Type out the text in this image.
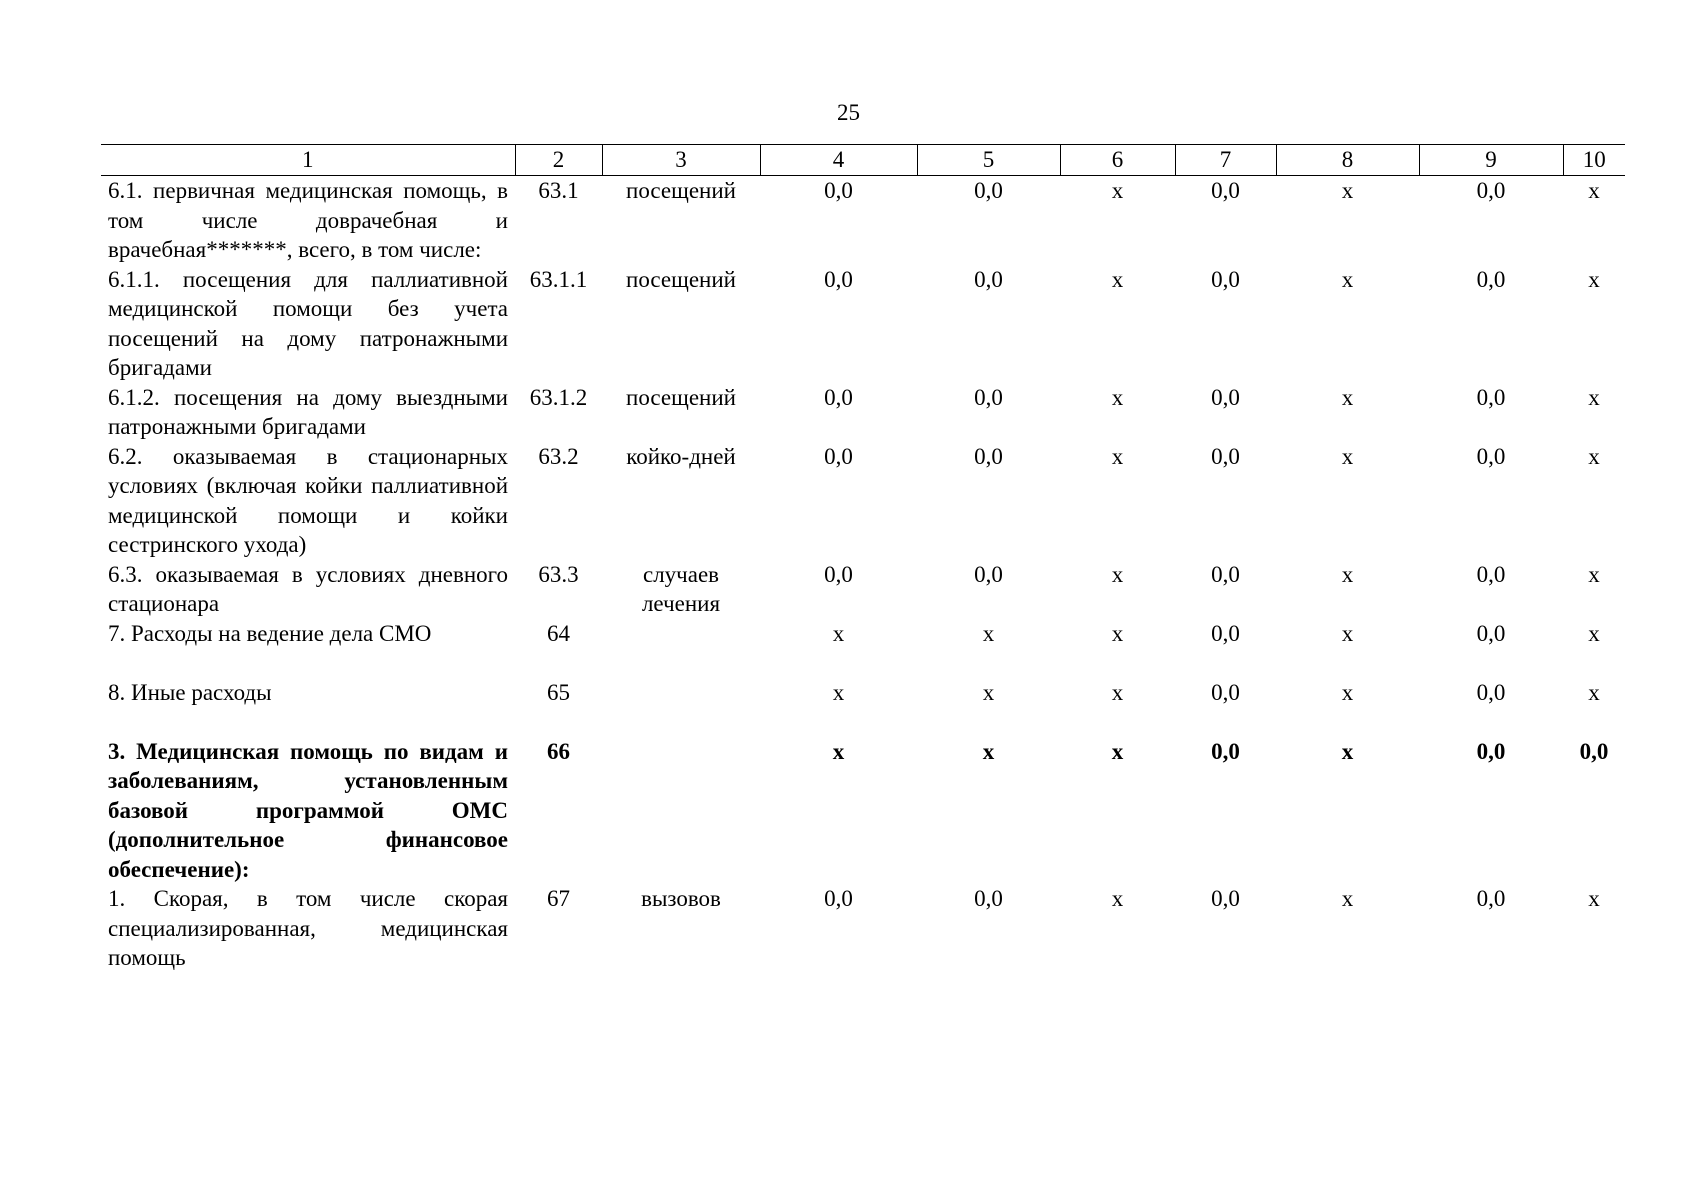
25
1	2	3	4	5	6	7	8	9	10
6.1. первичная медицинская помощь, в том числе доврачебная и врачебная*******, всего, в том числе:	63.1	посещений	0,0	0,0	x	0,0	x	0,0	x
6.1.1. посещения для паллиативной медицинской помощи без учета посещений на дому патронажными бригадами	63.1.1	посещений	0,0	0,0	x	0,0	x	0,0	x
6.1.2. посещения на дому выездными патронажными бригадами	63.1.2	посещений	0,0	0,0	x	0,0	x	0,0	x
6.2. оказываемая в стационарных условиях (включая койки паллиативной медицинской помощи и койки сестринского ухода)	63.2	койко-дней	0,0	0,0	x	0,0	x	0,0	x
6.3. оказываемая в условиях дневного стационара	63.3	случаев лечения	0,0	0,0	x	0,0	x	0,0	x
7. Расходы на ведение дела СМО	64		x	x	x	0,0	x	0,0	x
8. Иные расходы	65		x	x	x	0,0	x	0,0	x
3. Медицинская помощь по видам и заболеваниям, установленным базовой программой ОМС (дополнительное финансовое обеспечение):	66		x	x	x	0,0	x	0,0	0,0
1. Скорая, в том числе скорая специализированная, медицинская помощь	67	вызовов	0,0	0,0	x	0,0	x	0,0	x
